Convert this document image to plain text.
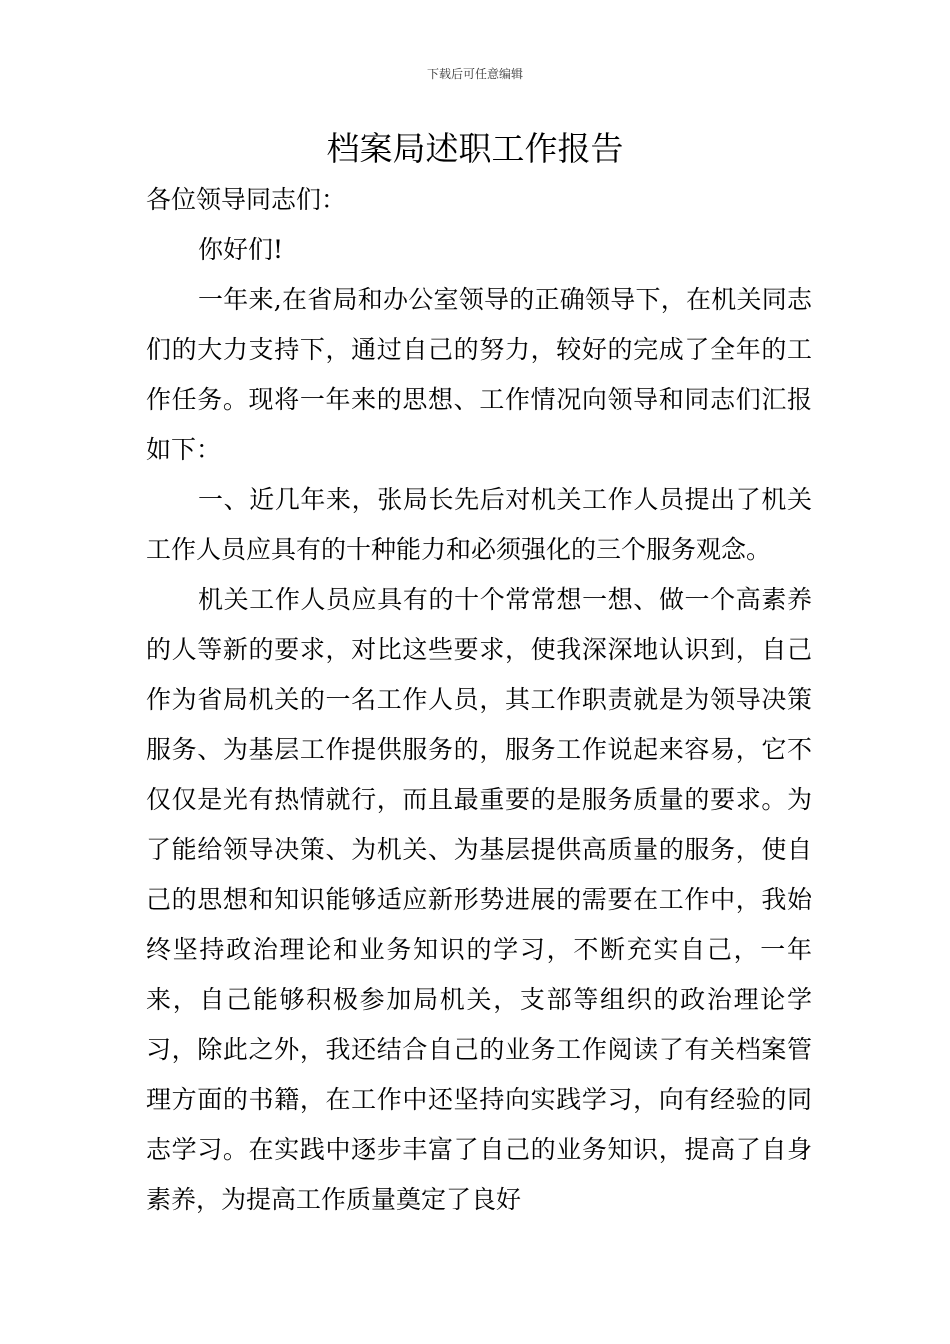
下载后可任意编辑
档案局述职工作报告

各位领导同志们：

你好们!

一年来,在省局和办公室领导的正确领导下，在机关同志们的大力支持下，通过自己的努力，较好的完成了全年的工作任务。现将一年来的思想、工作情况向领导和同志们汇报如下：

一、近几年来，张局长先后对机关工作人员提出了机关工作人员应具有的十种能力和必须强化的三个服务观念。

机关工作人员应具有的十个常常想一想、做一个高素养的人等新的要求，对比这些要求，使我深深地认识到，自己作为省局机关的一名工作人员，其工作职责就是为领导决策服务、为基层工作提供服务的，服务工作说起来容易，它不仅仅是光有热情就行，而且最重要的是服务质量的要求。为了能给领导决策、为机关、为基层提供高质量的服务，使自己的思想和知识能够适应新形势进展的需要在工作中，我始终坚持政治理论和业务知识的学习，不断充实自己，一年来，自己能够积极参加局机关，支部等组织的政治理论学习，除此之外，我还结合自己的业务工作阅读了有关档案管理方面的书籍，在工作中还坚持向实践学习，向有经验的同志学习。在实践中逐步丰富了自己的业务知识，提高了自身素养，为提高工作质量奠定了良好
